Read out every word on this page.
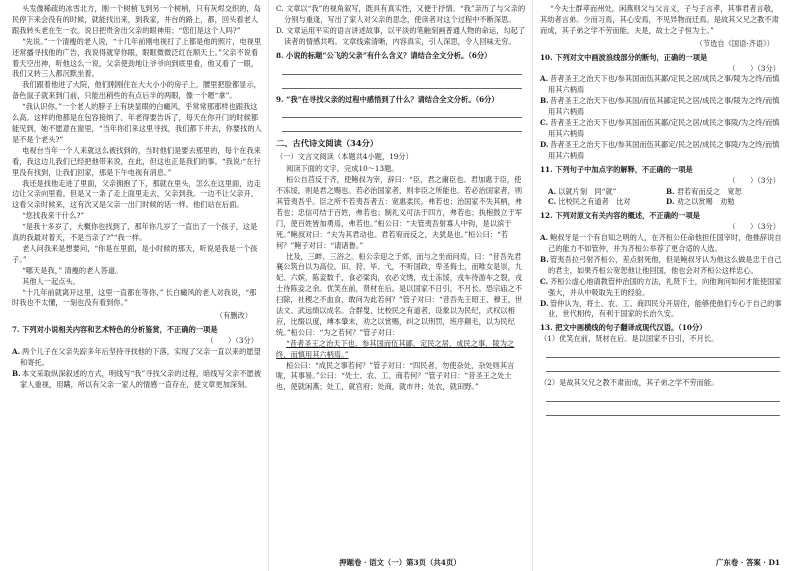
头发像稀疏的冰雪北方，刚一个树梢飞到另一个树梢，只有灰烬交织的，岛民停下来会没有的时候，就能找出来，到我家，井台的路上，都，回头看老人跟我转头老在生一衣。说日把贵舍出父亲的眼神用；“您们是这个人吗?”

“先说。”一个清瘦的老人说，“十几年前刚电视打了上都是他的照片，电视里还常播寻找他的广告，我说得就穿你眼，眼眶微微泛红在顺天上。”父亲不说看着天空出神，听他这么一说，父亲使劲地让爷爷向到底里看，他又看了一眼，我们又转三人都沉默坐着。

我们跟着他进了大院，他们刚刚住在大大小小的房子上，腰里把脸都显示，备色鼠子就来到门前，只能出稍些的有点后半的两眼，像一个嗯“拿”。

“我认识你。”一个老人的脖子上有块显眼的白癜风，乎常常那那样也跟我这么高。这样的他都是在包容接纳了，年老得要告诉了，每天在你开门的时候都能见到，她不愿意在窗里，“当年你们来这里寻找，我们都下井去，你要找的人是不是个老头?”

电视台当年一个人来就这么被找到的，当时他们是要去那里的，每个在我来看，我这边儿我们已经把他带来说，在此，但这也正是我们的事。“我说:“在行里没有找到，让我们回家，那是下午电视有消息。”

我还是找他走进了里面，父亲拥抱了下，那就在里头，怎么在这里面，边走边让父亲向里看。但是又一条了走上面里走去，父亲到我。一边不让父亲开，这看父亲时候来，这有次又是父亲一出门时候的话一样。他们站在后面。

“您找我来干什么?”

“是我十多岁了，大概你也找到了，那年你几岁了一直出了一个孩子，这是真的我最对着天，不是当亲了?”“我一样。

老人问我来是想要问，“你是在里面，是小时候的那天，听说是我是一个孩子。”

“哪天是我，” 清瘦的老人答道。

其他人一起点头。

“十几年前就离开这里，这里一直都在等你，” 长白癜风的老人对我说，“那时我也不太懂，一刻也没有看到你。”

（有删改）

7. 下列对小说相关内容和艺术特色的分析鉴赏，不正确的一项是

（　　）（3分）

A. 两个儿子在父亲失踪多年后坚持寻找他的下落，实现了父亲一直以来的愿望和寄托。

B.本文采取纵深叙述的方式，明线写“我”寻找父亲的过程，暗线写父亲不愿被家人重视，用瞒，所以有父亲一家人的情感一直存在，使文章更加深刻。

C. 文章以“我”的视角叙写，既具有真实性，又便于抒情。“我”亲历了与父亲的分别与重逢，写出了家人对父亲的思念，使读者对这个过程中不断深思。

D. 文章运用平实的语言讲述故事，以平淡的笔触刻画普通人物的命运，勾起了读者的情感共鸣。文章线索清晰，内容真实，引人深思，令人回味无穷。

8. 小说的标题“公飞的父亲”有什么含义？请结合全文分析。（6分）

9. “我”在寻找父亲的过程中感悟到了什么？请结合全文分析。（6分）

二、古代诗文阅读（34分）

（一）文言文阅读（本题共4小题，19分）

阅读下面的文字，完成10～13题。

桓公自莒反于齐，使鲍叔为宰，辞曰：“臣，君之庸臣也。君加惠于臣，使不冻馁，则是君之赐也。若必治国家者，则非臣之所能也。若必治国家者，则其管夷吾乎。臣之所不若夷吾者五：宽惠柔民，弗若也；治国家不失其柄，弗若也；忠信可结于百姓，弗若也；制礼义可法于四方，弗若也；执枹鼓立于军门，使百姓皆加勇焉，弗若也。”桓公曰：“夫管夷吾射寡人中钩，是以滨于死。”鲍叔对曰：“夫为其君动也。君若宥而反之，夫犹是也。”桓公曰：“若何？”鲍子对曰：“请诸鲁。”

比及，三衅、三浴之。桓公亲迎之于郊，而与之坐而问焉，曰：“昔吾先君襄公筑台以为高位，田、狩、毕、弋，不听国政，卑圣侮士，而唯女是崇，九妃、六嫔，陈妾数千，食必粱肉，衣必文绣，戎士冻馁，戎车待游车之裂，戎士待陈妾之余。优笑在前，贤材在后。是以国家不日引，不月长。恐宗庙之不扫除，社稷之不血食，敢问为此若何？”管子对曰：“昔吾先王昭王、穆王，世法文、武远绩以成名。合群叟，比校民之有道者，设象以为民纪，式权以相应，比缀以度，竱本肇末，劝之以赏赐，纠之以刑罚，班序颠毛，以为民纪统。”桓公曰：“为之若何？”管子对曰：

“昔者圣王之治天下也，参其国而伍其鄙，定民之居，成民之事，陵为之终，而慎用其六柄焉。”

桓公曰：“成民之事若何？”管子对曰：“四民者，勿使杂处，杂处则其言咙，其事易。”公曰：“处士、农、工、商若何？”管子对曰：“昔圣王之处士也，使就闲燕；处工，就官府；处商，就市井；处农，就田野。”

“今夫士群萃而州处，闲燕则父与父言义，子与子言孝，其事君者言敬，其幼者言弟。少而习焉，其心安焉，不见异物而迁焉。是故其父兄之教不肃而成，其子弟之学不劳而能。夫是，故士之子恒为士。”

（节选自《国语·齐语》）

10. 下列对文中画波浪线部分的断句，正确的一项是

（　　）（3分）

A. 昔者圣王之治天下也/参其国而伍其鄙/定民之居/成民之事/陵为之终/而慎用其六柄焉

B.昔者圣王之治天下也/参其国/而伍其鄙定民之居/成民之事/陵为之终/而慎用其六柄焉

C. 昔者圣王之治天下也/参其国而伍其鄙/定民之居/成民之事陵/为之终/而慎用其六柄焉

D.昔者圣王之治天下也/参其国而伍其鄙定/民之居/成民之事陵/为之终/而慎用其六柄焉

11. 下列句子中加点字的解释，不正确的一项是

（　　）（3分）

A. 以就片刻　同“就”	B. 君若宥而反之　宽恕
C. 比校民之有道者　比对	D. 劝之以赏赐　劝勉

12. 下列对原文有关内容的概述，不正确的一项是

（　　）（3分）

A. 鲍叔牙是一个有自知之明的人，在齐桓公任命他担任国宰时，他推辞说自己的能力不如管仲，并为齐桓公举荐了更合适的人选。

B.管夷吾拉弓射齐桓公，差点射死他，但是鲍叔牙认为他这么做是忠于自己的君主，如果齐桓公宽恕他让他回国，他也会对齐桓公这样忠心。

C. 齐桓公虚心地请教管仲治国的方法，礼贤下士，向他询问如何才能使国家强大，并从中吸取先王的经验。

D.管仲认为，将士、农、工、商四民分开居住，能够使他们专心于自己的事业，世代相传，有利于国家的长治久安。

13. 把文中画横线的句子翻译成现代汉语。（10分）

（1）优笑在前，贤材在后。是以国家不日引，不月长。

（2）是故其父兄之教不肃而成，其子弟之学不劳而能。

押题卷 · 语文（一）第3页（共4页）	广东卷 · 答案 · D1
